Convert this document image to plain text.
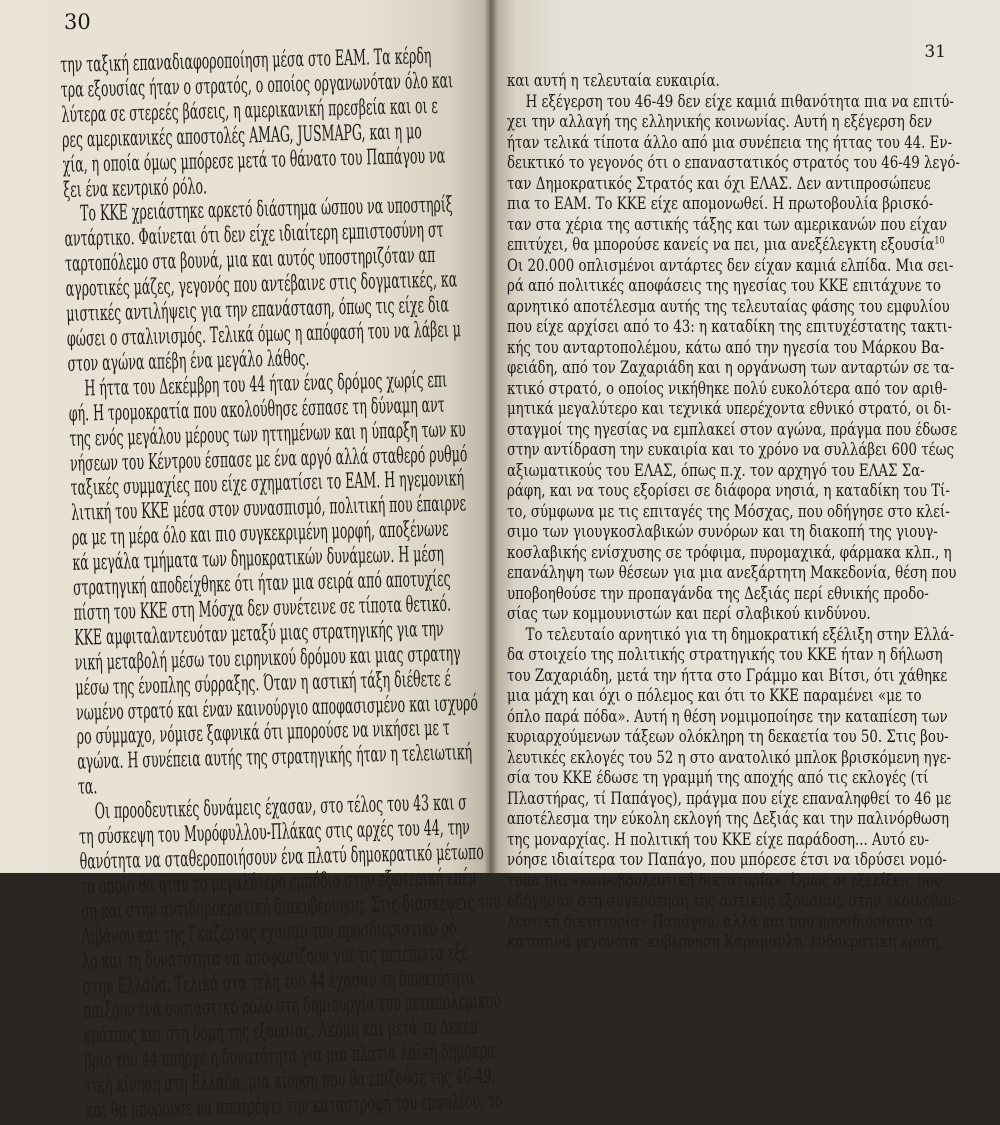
30
την ταξική επαναδιαφοροποίηση μέσα στο ΕΑΜ. Τα κέρδη
τρα εξουσίας ήταν ο στρατός, ο οποίος οργανωνόταν όλο και
λύτερα σε στερεές βάσεις, η αμερικανική πρεσβεία και οι ε
ρες αμερικανικές αποστολές AMAG, JUSMAPG, και η μο
χία, η οποία όμως μπόρεσε μετά το θάνατο του Παπάγου να
ξει ένα κεντρικό ρόλο.
Το ΚΚΕ χρειάστηκε αρκετό διάστημα ώσπου να υποστηρίξ
αντάρτικο. Φαίνεται ότι δεν είχε ιδιαίτερη εμπιστοσύνη στ
ταρτοπόλεμο στα βουνά, μια και αυτός υποστηριζόταν απ
αγροτικές μάζες, γεγονός που αντέβαινε στις δογματικές, κα
μιστικές αντιλήψεις για την επανάσταση, όπως τις είχε δια
φώσει ο σταλινισμός. Τελικά όμως η απόφασή του να λάβει μ
στον αγώνα απέβη ένα μεγάλο λάθος.
Η ήττα του Δεκέμβρη του 44 ήταν ένας δρόμος χωρίς επι
φή. Η τρομοκρατία που ακολούθησε έσπασε τη δύναμη αντ
της ενός μεγάλου μέρους των ηττημένων και η ύπαρξη των κυ
νήσεων του Κέντρου έσπασε με ένα αργό αλλά σταθερό ρυθμό
ταξικές συμμαχίες που είχε σχηματίσει το ΕΑΜ. Η ηγεμονική
λιτική του ΚΚΕ μέσα στον συνασπισμό, πολιτική που έπαιρνε
ρα με τη μέρα όλο και πιο συγκεκριμένη μορφή, αποξένωνε
κά μεγάλα τμήματα των δημοκρατικών δυνάμεων. Η μέση
στρατηγική αποδείχθηκε ότι ήταν μια σειρά από αποτυχίες
πίστη του ΚΚΕ στη Μόσχα δεν συνέτεινε σε τίποτα θετικό.
ΚΚΕ αμφιταλαντευόταν μεταξύ μιας στρατηγικής για την
νική μεταβολή μέσω του ειρηνικού δρόμου και μιας στρατηγ
μέσω της ένοπλης σύρραξης. Όταν η αστική τάξη διέθετε έ
νωμένο στρατό και έναν καινούργιο αποφασισμένο και ισχυρό
ρο σύμμαχο, νόμισε ξαφνικά ότι μπορούσε να νικήσει με τ
αγώνα. Η συνέπεια αυτής της στρατηγικής ήταν η τελειωτική
τα.
Οι προοδευτικές δυνάμεις έχασαν, στο τέλος του 43 και σ
τη σύσκεψη του Μυρόφυλλου-Πλάκας στις αρχές του 44, την
θανότητα να σταθεροποιήσουν ένα πλατύ δημοκρατικό μέτωπο
το οποίο θα ήταν το μεγαλύτερο εμπόδιο στην εξωτερική επέμ
ση και στην αντιδημοκρατική διακυβέρνηση. Στις διασκέψεις του
Λιβάνου και της Γκαζέρτας έχασαν τον προσδιοριστικό ρό
λο και τη δυνατότητα να αποφασίζουν για τις μετέπειτα εξε
στην Ελλάδα. Τελικά στα τέλη του 44 έχασαν τη δυνατότητα
παίξουν ένα ουσιαστικό ρόλο στη δημιουργία του μεταπολεμικού
κράτους και στη δομή της εξουσίας. Ακόμη και μετά το Δεκέμ
βριο του 44 υπήρχε η δυνατότητα για μια πλατιά λαϊκή δημοκρα
τική κίνηση στη Ελλάδα, μια κίνηση που θα επιζούσε της 46-49,
και θα μπορούσε να αποτρέψει την καταστροφή του εμφυλίου, το
31
και αυτή η τελευταία ευκαιρία.
Η εξέγερση του 46-49 δεν είχε καμιά πιθανότητα πια να επιτύ-
χει την αλλαγή της ελληνικής κοινωνίας. Αυτή η εξέγερση δεν
ήταν τελικά τίποτα άλλο από μια συνέπεια της ήττας του 44. Εν-
δεικτικό το γεγονός ότι ο επαναστατικός στρατός του 46-49 λεγό-
ταν Δημοκρατικός Στρατός και όχι ΕΛΑΣ. Δεν αντιπροσώπευε
πια το ΕΑΜ. Το ΚΚΕ είχε απομονωθεί. Η πρωτοβουλία βρισκό-
ταν στα χέρια της αστικής τάξης και των αμερικανών που είχαν
επιτύχει, θα μπορούσε κανείς να πει, μια ανεξέλεγκτη εξουσία$^{10}$
Οι 20.000 οπλισμένοι αντάρτες δεν είχαν καμιά ελπίδα. Μια σει-
ρά από πολιτικές αποφάσεις της ηγεσίας του ΚΚΕ επιτάχυνε το
αρνητικό αποτέλεσμα αυτής της τελευταίας φάσης του εμφυλίου
που είχε αρχίσει από το 43: η καταδίκη της επιτυχέστατης τακτι-
κής του ανταρτοπολέμου, κάτω από την ηγεσία του Μάρκου Βα-
φειάδη, από τον Ζαχαριάδη και η οργάνωση των ανταρτών σε τα-
κτικό στρατό, ο οποίος νικήθηκε πολύ ευκολότερα από τον αριθ-
μητικά μεγαλύτερο και τεχνικά υπερέχοντα εθνικό στρατό, οι δι-
σταγμοί της ηγεσίας να εμπλακεί στον αγώνα, πράγμα που έδωσε
στην αντίδραση την ευκαιρία και το χρόνο να συλλάβει 600 τέως
αξιωματικούς του ΕΛΑΣ, όπως π.χ. τον αρχηγό του ΕΛΑΣ Σα-
ράφη, και να τους εξορίσει σε διάφορα νησιά, η καταδίκη του Τί-
το, σύμφωνα με τις επιταγές της Μόσχας, που οδήγησε στο κλεί-
σιμο των γιουγκοσλαβικών συνόρων και τη διακοπή της γιουγ-
κοσλαβικής ενίσχυσης σε τρόφιμα, πυρομαχικά, φάρμακα κλπ., η
επανάληψη των θέσεων για μια ανεξάρτητη Μακεδονία, θέση που
υποβοηθούσε την προπαγάνδα της Δεξιάς περί εθνικής προδο-
σίας των κομμουνιστών και περί σλαβικού κινδύνου.
Το τελευταίο αρνητικό για τη δημοκρατική εξέλιξη στην Ελλά-
δα στοιχείο της πολιτικής στρατηγικής του ΚΚΕ ήταν η δήλωση
του Ζαχαριάδη, μετά την ήττα στο Γράμμο και Βίτσι, ότι χάθηκε
μια μάχη και όχι ο πόλεμος και ότι το ΚΚΕ παραμένει «με το
όπλο παρά πόδα». Αυτή η θέση νομιμοποίησε την καταπίεση των
κυριαρχούμενων τάξεων ολόκληρη τη δεκαετία του 50. Στις βου-
λευτικές εκλογές του 52 η στο ανατολικό μπλοκ βρισκόμενη ηγε-
σία του ΚΚΕ έδωσε τη γραμμή της αποχής από τις εκλογές (τί
Πλαστήρας, τί Παπάγος), πράγμα που είχε επαναληφθεί το 46 με
αποτέλεσμα την εύκολη εκλογή της Δεξιάς και την παλινόρθωση
της μοναρχίας. Η πολιτική του ΚΚΕ είχε παράδοση... Αυτό ευ-
νόησε ιδιαίτερα τον Παπάγο, που μπόρεσε έτσι να ιδρύσει νομό-
τυπα μια «κοινοβουλευτική δικτατορία». Όμως οι εξελίξεις που
οδήγησαν στη συγκρότηση της αστικής εξουσίας, στην «κοινοβου-
λευτική δικτατορία» Παπάγου, αλλά και που προσδιόρισαν τα
κατοπινά γεγονότα: κυβέρνηση Καραμανλή, ενδοκρατική κρίση,
